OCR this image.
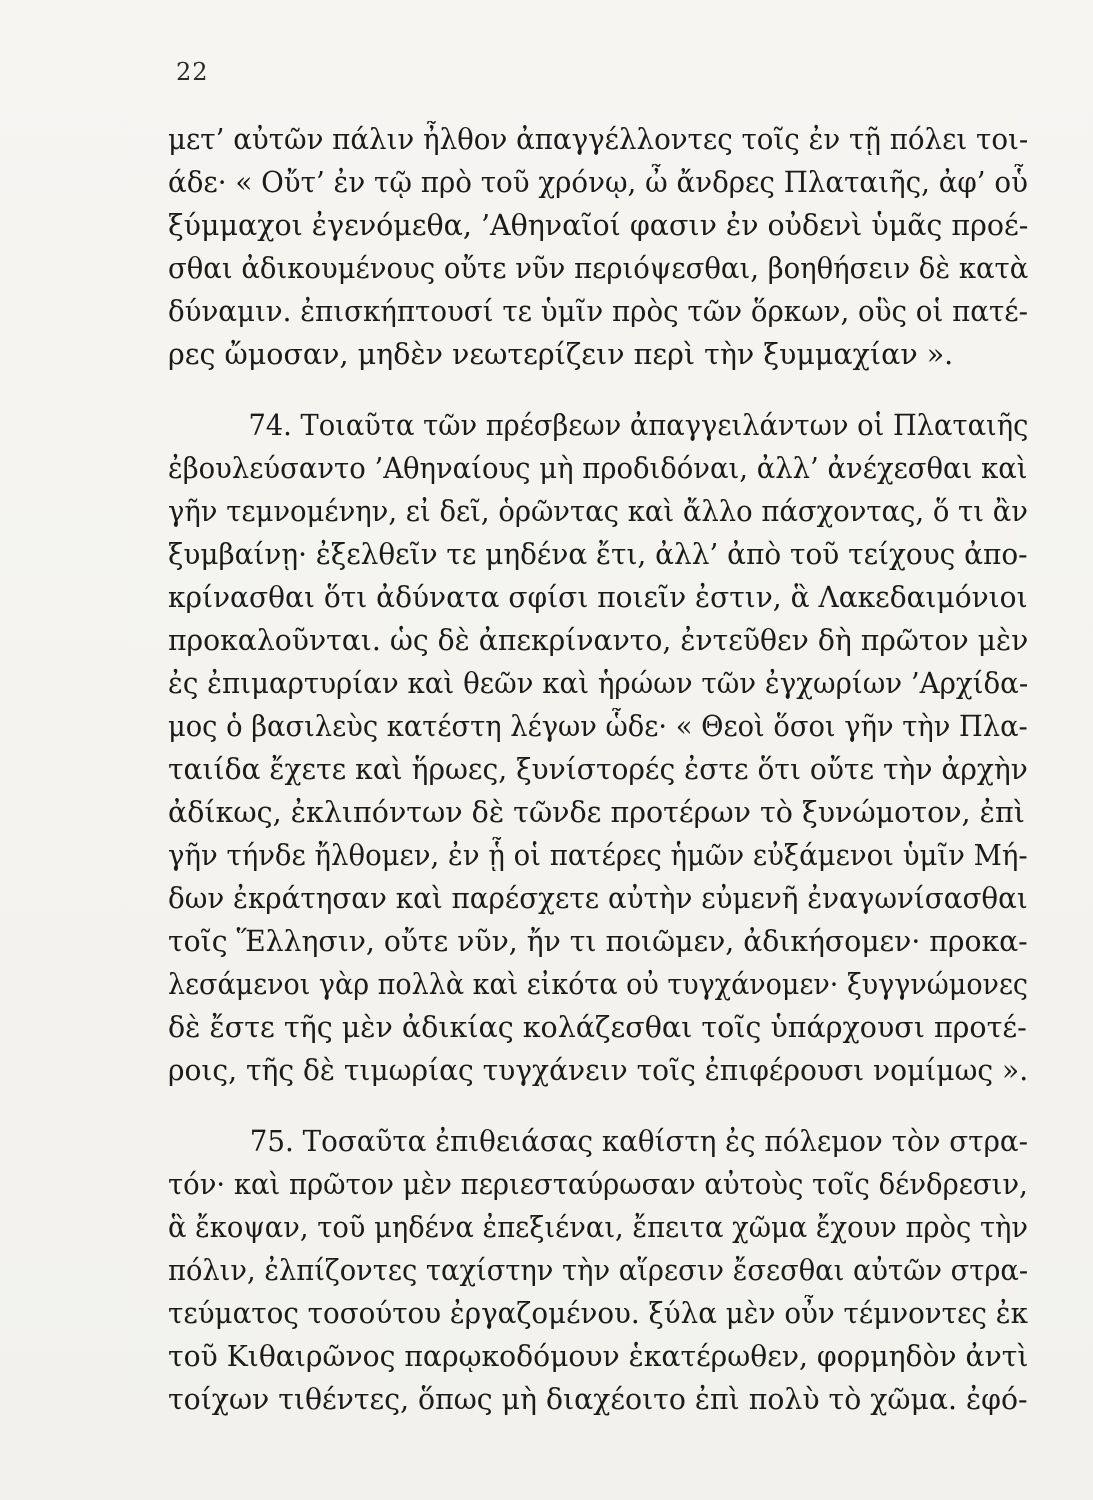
22
μετ’ αὐτῶν πάλιν ἦλθον ἀπαγγέλλοντες τοῖς ἐν τῇ πόλει τοι-
άδε· « Οὔτ’ ἐν τῷ πρὸ τοῦ χρόνῳ, ὦ ἄνδρες Πλαταιῆς, ἀφ’ οὗ
ξύμμαχοι ἐγενόμεθα, ’Αθηναῖοί φασιν ἐν οὐδενὶ ὑμᾶς προέ-
σθαι ἀδικουμένους οὔτε νῦν περιόψεσθαι, βοηθήσειν δὲ κατὰ
δύναμιν. ἐπισκήπτουσί τε ὑμῖν πρὸς τῶν ὅρκων, οὓς οἱ πατέ-
ρες ὤμοσαν, μηδὲν νεωτερίζειν περὶ τὴν ξυμμαχίαν ».
74. Τοιαῦτα τῶν πρέσβεων ἀπαγγειλάντων οἱ Πλαταιῆς
ἐβουλεύσαντο ’Αθηναίους μὴ προδιδόναι, ἀλλ’ ἀνέχεσθαι καὶ
γῆν τεμνομένην, εἰ δεῖ, ὁρῶντας καὶ ἄλλο πάσχοντας, ὅ τι ἂν
ξυμβαίνῃ· ἐξελθεῖν τε μηδένα ἔτι, ἀλλ’ ἀπὸ τοῦ τείχους ἀπο-
κρίνασθαι ὅτι ἀδύνατα σφίσι ποιεῖν ἐστιν, ἃ Λακεδαιμόνιοι
προκαλοῦνται. ὡς δὲ ἀπεκρίναντο, ἐντεῦθεν δὴ πρῶτον μὲν
ἐς ἐπιμαρτυρίαν καὶ θεῶν καὶ ἡρώων τῶν ἐγχωρίων ’Αρχίδα-
μος ὁ βασιλεὺς κατέστη λέγων ὧδε· « Θεοὶ ὅσοι γῆν τὴν Πλα-
ταιίδα ἔχετε καὶ ἥρωες, ξυνίστορές ἐστε ὅτι οὔτε τὴν ἀρχὴν
ἀδίκως, ἐκλιπόντων δὲ τῶνδε προτέρων τὸ ξυνώμοτον, ἐπὶ
γῆν τήνδε ἤλθομεν, ἐν ᾗ οἱ πατέρες ἡμῶν εὐξάμενοι ὑμῖν Μή-
δων ἐκράτησαν καὶ παρέσχετε αὐτὴν εὐμενῆ ἐναγωνίσασθαι
τοῖς Ἕλλησιν, οὔτε νῦν, ἤν τι ποιῶμεν, ἀδικήσομεν· προκα-
λεσάμενοι γὰρ πολλὰ καὶ εἰκότα οὐ τυγχάνομεν· ξυγγνώμονες
δὲ ἔστε τῆς μὲν ἀδικίας κολάζεσθαι τοῖς ὑπάρχουσι προτέ-
ροις, τῆς δὲ τιμωρίας τυγχάνειν τοῖς ἐπιφέρουσι νομίμως ».
75. Τοσαῦτα ἐπιθειάσας καθίστη ἐς πόλεμον τὸν στρα-
τόν· καὶ πρῶτον μὲν περιεσταύρωσαν αὐτοὺς τοῖς δένδρεσιν,
ἃ ἔκοψαν, τοῦ μηδένα ἐπεξιέναι, ἔπειτα χῶμα ἔχουν πρὸς τὴν
πόλιν, ἐλπίζοντες ταχίστην τὴν αἵρεσιν ἔσεσθαι αὐτῶν στρα-
τεύματος τοσούτου ἐργαζομένου. ξύλα μὲν οὖν τέμνοντες ἐκ
τοῦ Κιθαιρῶνος παρῳκοδόμουν ἑκατέρωθεν, φορμηδὸν ἀντὶ
τοίχων τιθέντες, ὅπως μὴ διαχέοιτο ἐπὶ πολὺ τὸ χῶμα. ἐφό-
